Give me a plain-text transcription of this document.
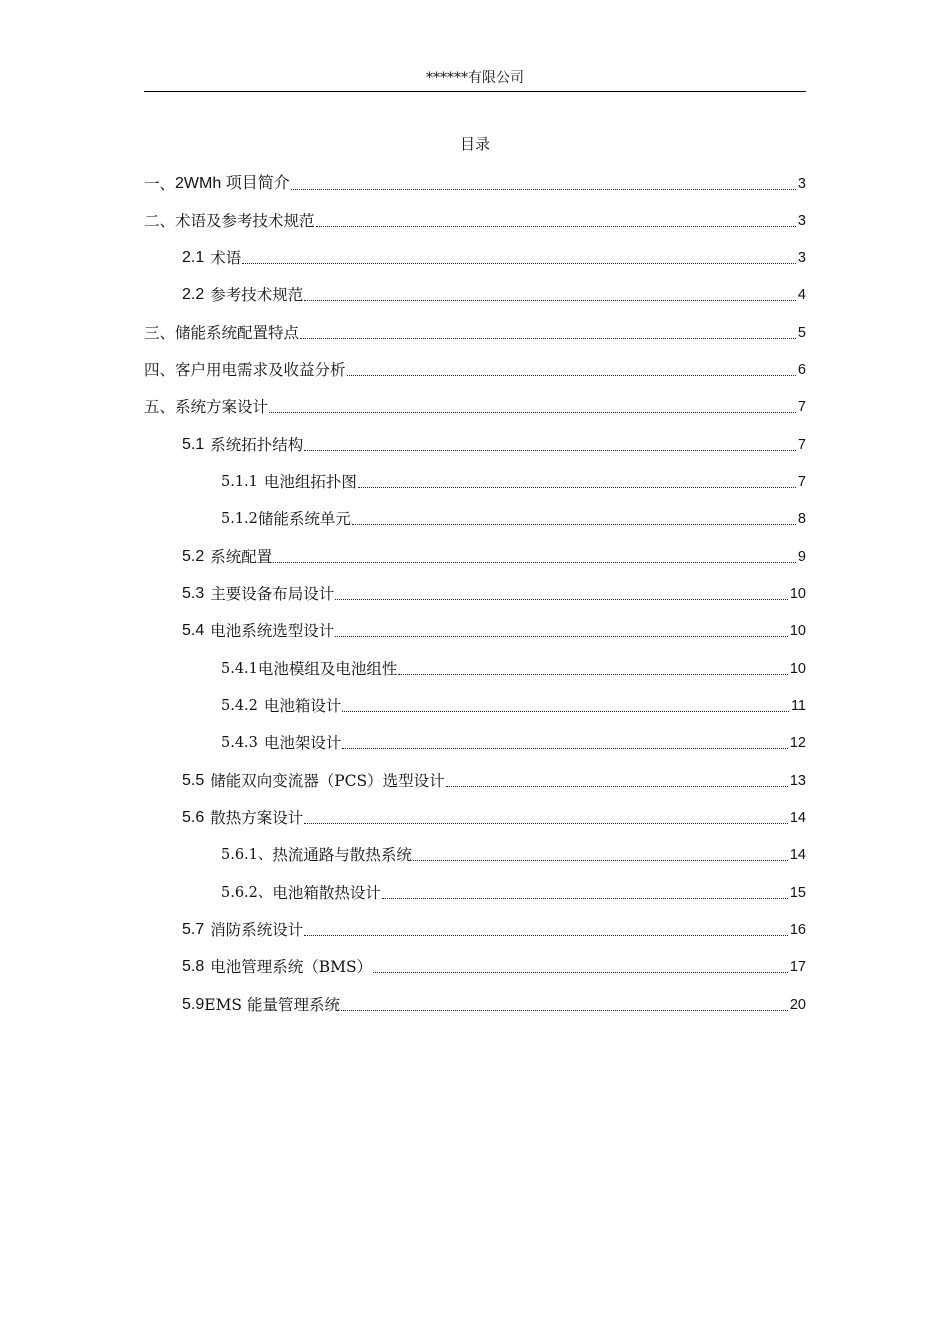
******有限公司
目录
一、 2WMh 项目简介	3
二、 术语及参考技术规范	3
2.1 术语	3
2.2 参考技术规范	4
三、 储能系统配置特点	5
四、 客户用电需求及收益分析	6
五、 系统方案设计	7
5.1 系统拓扑结构	7
5.1.1 电池组拓扑图	7
5.1.2 储能系统单元	8
5.2 系统配置	9
5.3 主要设备布局设计	10
5.4 电池系统选型设计	10
5.4.1 电池模组及电池组性	10
5.4.2 电池箱设计	11
5.4.3 电池架设计	12
5.5 储能双向变流器（PCS）选型设计	13
5.6 散热方案设计	14
5.6.1、 热流通路与散热系统	14
5.6.2、 电池箱散热设计	15
5.7 消防系统设计	16
5.8 电池管理系统（BMS）	17
5.9 EMS 能量管理系统	20
